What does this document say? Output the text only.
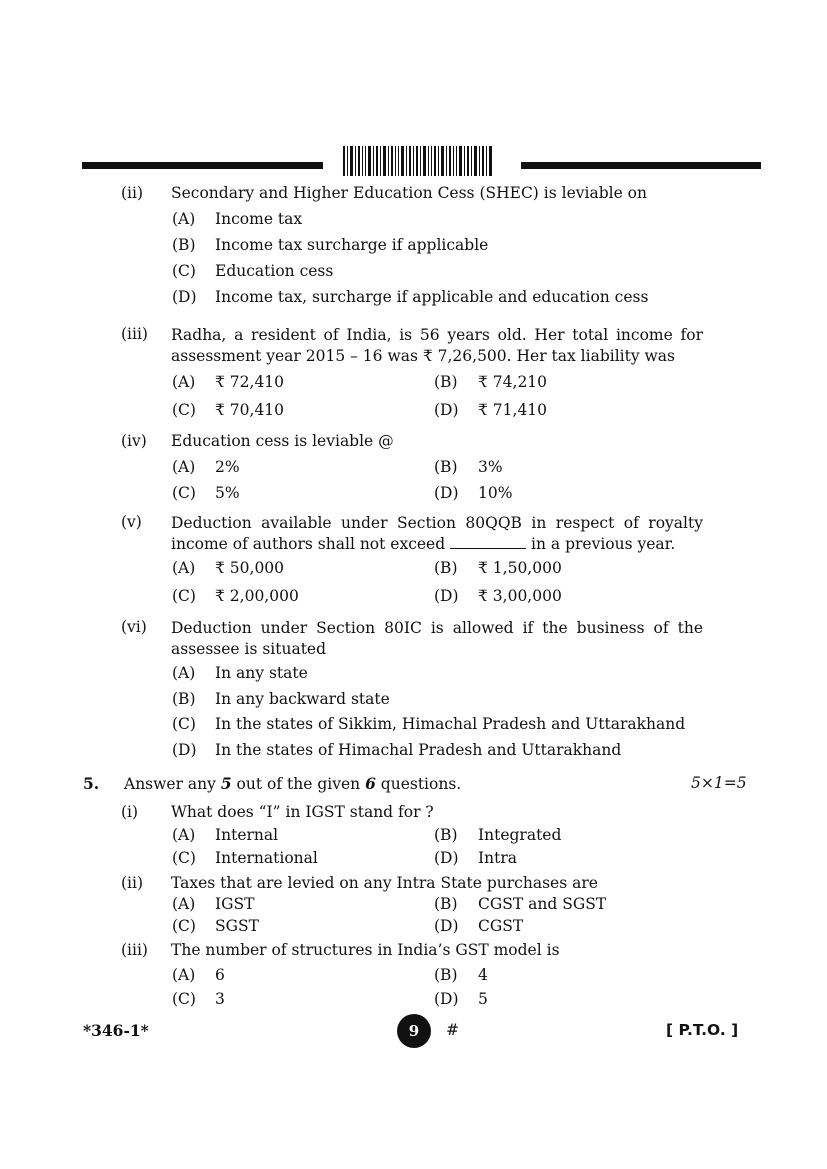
(ii) Secondary and Higher Education Cess (SHEC) is leviable on
(A) Income tax
(B) Income tax surcharge if applicable
(C) Education cess
(D) Income tax, surcharge if applicable and education cess
(iii) Radha, a resident of India, is 56 years old. Her total income for assessment year 2015 – 16 was ₹ 7,26,500. Her tax liability was
(A) ₹ 72,410	(B) ₹ 74,210
(C) ₹ 70,410	(D) ₹ 71,410
(iv) Education cess is leviable @
(A) 2%	(B) 3%
(C) 5%	(D) 10%
(v) Deduction available under Section 80QQB in respect of royalty income of authors shall not exceed	in a previous year.
(A) ₹ 50,000	(B) ₹ 1,50,000
(C) ₹ 2,00,000	(D) ₹ 3,00,000
(vi) Deduction under Section 80IC is allowed if the business of the assessee is situated
(A) In any state
(B) In any backward state
(C) In the states of Sikkim, Himachal Pradesh and Uttarakhand
(D) In the states of Himachal Pradesh and Uttarakhand
5. Answer any 5 out of the given 6 questions.	5×1=5
(i) What does “I” in IGST stand for ?
(A) Internal	(B) Integrated
(C) International	(D) Intra
(ii) Taxes that are levied on any Intra State purchases are
(A) IGST	(B) CGST and SGST
(C) SGST	(D) CGST
(iii) The number of structures in India’s GST model is
(A) 6	(B) 4
(C) 3	(D) 5
*346-1*	9	#	[ P.T.O. ]
